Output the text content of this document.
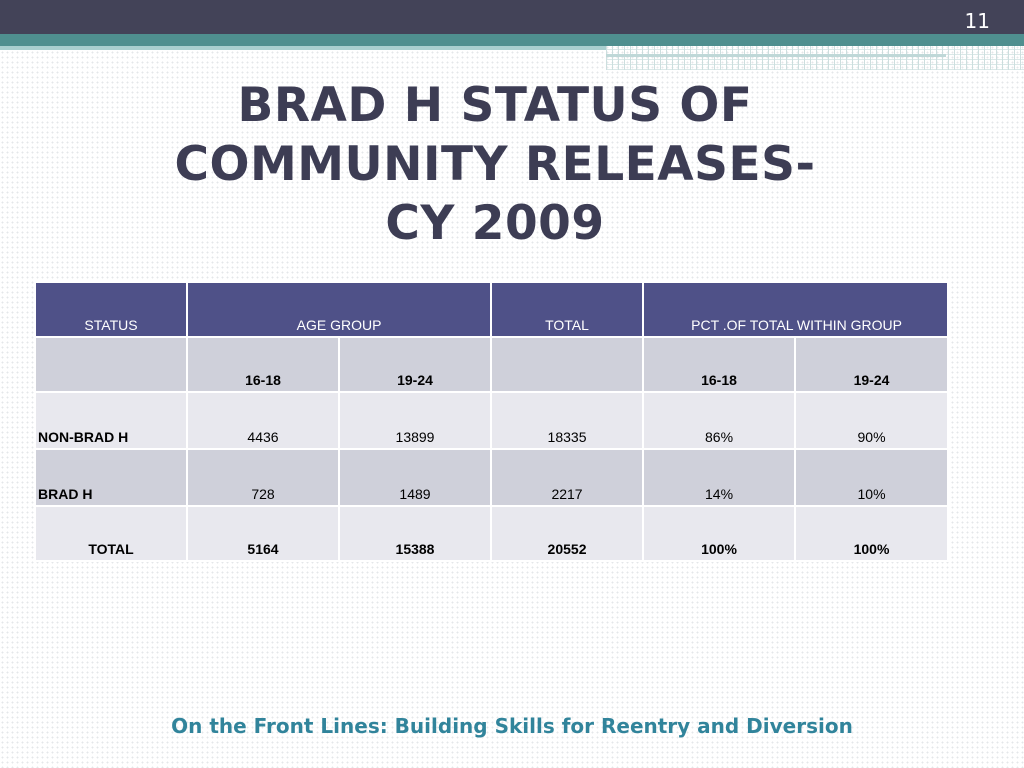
11
BRAD H STATUS OF
COMMUNITY RELEASES-
CY 2009
STATUS	AGE GROUP		TOTAL	PCT .OF TOTAL WITHIN GROUP	
	16-18	19-24		16-18	19-24
NON-BRAD H	4436	13899	18335	86%	90%
BRAD H	728	1489	2217	14%	10%
TOTAL	5164	15388	20552	100%	100%
On the Front Lines: Building Skills for Reentry and Diversion
